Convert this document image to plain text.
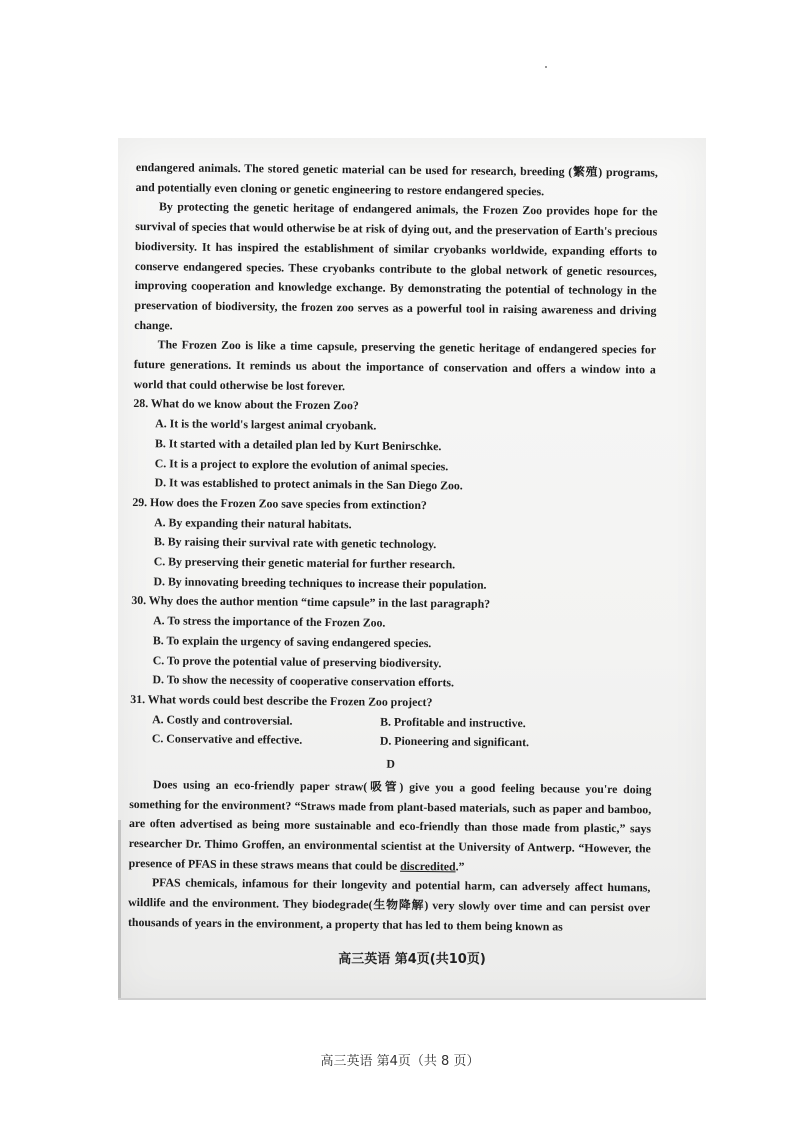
endangered animals. The stored genetic material can be used for research, breeding (繁殖) programs, and potentially even cloning or genetic engineering to restore endangered species.

By protecting the genetic heritage of endangered animals, the Frozen Zoo provides hope for the survival of species that would otherwise be at risk of dying out, and the preservation of Earth's precious biodiversity. It has inspired the establishment of similar cryobanks worldwide, expanding efforts to conserve endangered species. These cryobanks contribute to the global network of genetic resources, improving cooperation and knowledge exchange. By demonstrating the potential of technology in the preservation of biodiversity, the frozen zoo serves as a powerful tool in raising awareness and driving change.

The Frozen Zoo is like a time capsule, preserving the genetic heritage of endangered species for future generations. It reminds us about the importance of conservation and offers a window into a world that could otherwise be lost forever.

28. What do we know about the Frozen Zoo?

A. It is the world's largest animal cryobank.

B. It started with a detailed plan led by Kurt Benirschke.

C. It is a project to explore the evolution of animal species.

D. It was established to protect animals in the San Diego Zoo.

29. How does the Frozen Zoo save species from extinction?

A. By expanding their natural habitats.

B. By raising their survival rate with genetic technology.

C. By preserving their genetic material for further research.

D. By innovating breeding techniques to increase their population.

30. Why does the author mention “time capsule” in the last paragraph?

A. To stress the importance of the Frozen Zoo.

B. To explain the urgency of saving endangered species.

C. To prove the potential value of preserving biodiversity.

D. To show the necessity of cooperative conservation efforts.

31. What words could best describe the Frozen Zoo project?

A. Costly and controversial.	B. Profitable and instructive.
C. Conservative and effective.	D. Pioneering and significant.
D

Does using an eco-friendly paper straw(吸管) give you a good feeling because you're doing something for the environment? “Straws made from plant-based materials, such as paper and bamboo, are often advertised as being more sustainable and eco-friendly than those made from plastic,” says researcher Dr. Thimo Groffen, an environmental scientist at the University of Antwerp. “However, the presence of PFAS in these straws means that could be discredited.”

PFAS chemicals, infamous for their longevity and potential harm, can adversely affect humans, wildlife and the environment. They biodegrade(生物降解) very slowly over time and can persist over thousands of years in the environment, a property that has led to them being known as

高三英语 第4页(共10页)
高三英语 第4页（共 8 页）
